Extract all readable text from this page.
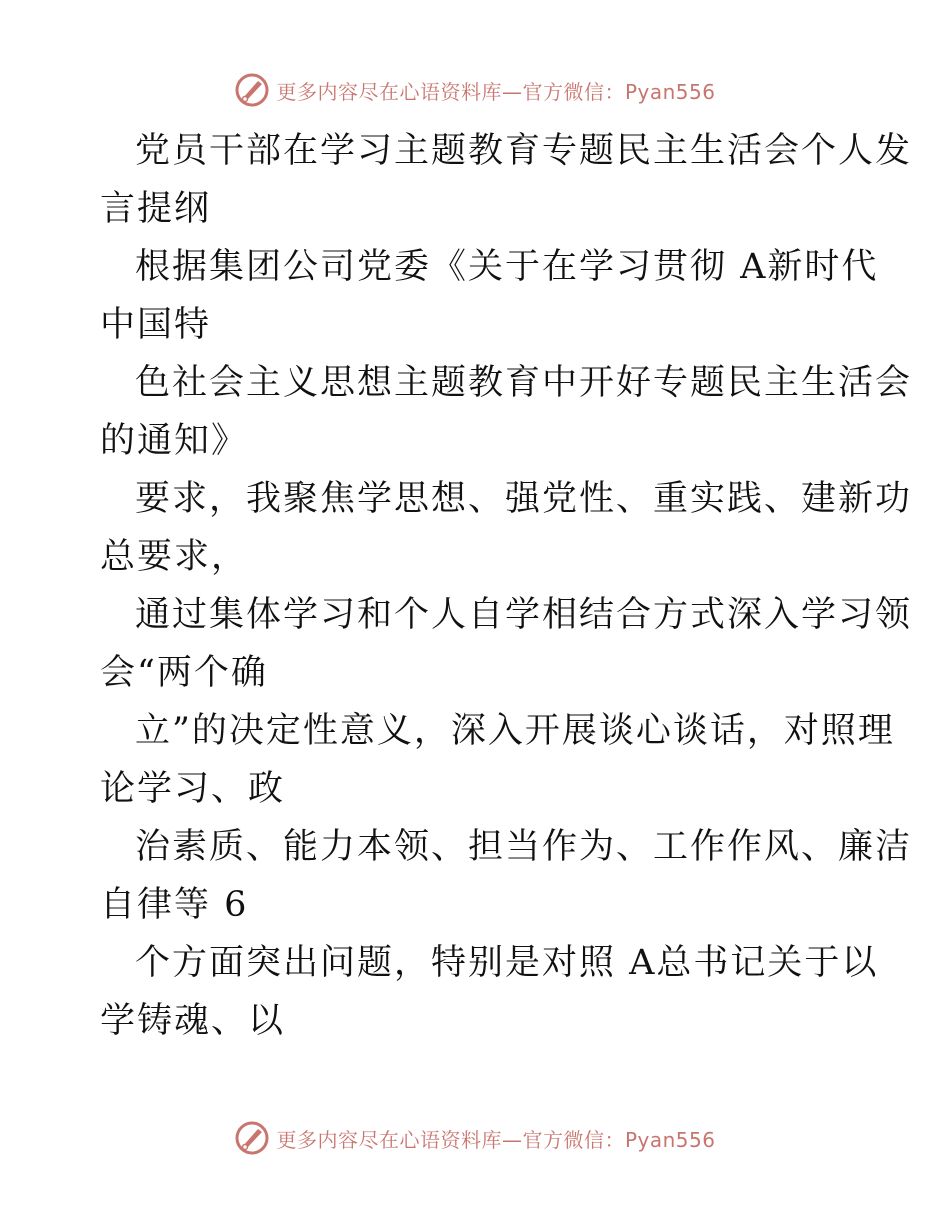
更多内容尽在心语资料库—官方微信：Pyan556
党员干部在学习主题教育专题民主生活会个人发
言提纲
根据集团公司党委《关于在学习贯彻 A新时代
中国特
色社会主义思想主题教育中开好专题民主生活会
的通知》
要求，我聚焦学思想、强党性、重实践、建新功
总要求，
通过集体学习和个人自学相结合方式深入学习领
会“两个确
立”的决定性意义，深入开展谈心谈话，对照理
论学习、政
治素质、能力本领、担当作为、工作作风、廉洁
自律等 6
个方面突出问题，特别是对照 A总书记关于以
学铸魂、以
更多内容尽在心语资料库—官方微信：Pyan556
